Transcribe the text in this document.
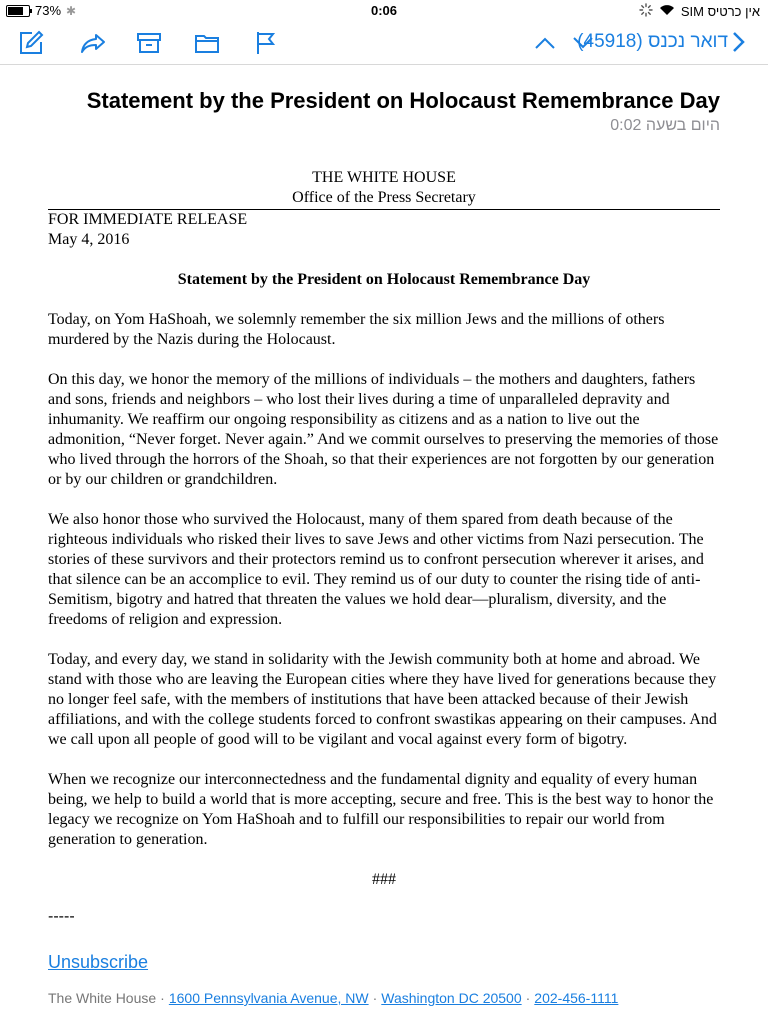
73% ✱	0:06	אין כרטיס SIM
דואר נכנס (45918)
Statement by the President on Holocaust Remembrance Day
היום בשעה 0:02
THE WHITE HOUSE
Office of the Press Secretary
FOR IMMEDIATE RELEASE
May 4, 2016
Statement by the President on Holocaust Remembrance Day

Today, on Yom HaShoah, we solemnly remember the six million Jews and the millions of others murdered by the Nazis during the Holocaust.

On this day, we honor the memory of the millions of individuals – the mothers and daughters, fathers and sons, friends and neighbors – who lost their lives during a time of unparalleled depravity and inhumanity. We reaffirm our ongoing responsibility as citizens and as a nation to live out the admonition, “Never forget. Never again.” And we commit ourselves to preserving the memories of those who lived through the horrors of the Shoah, so that their experiences are not forgotten by our generation or by our children or grandchildren.

We also honor those who survived the Holocaust, many of them spared from death because of the righteous individuals who risked their lives to save Jews and other victims from Nazi persecution. The stories of these survivors and their protectors remind us to confront persecution wherever it arises, and that silence can be an accomplice to evil. They remind us of our duty to counter the rising tide of anti-Semitism, bigotry and hatred that threaten the values we hold dear—pluralism, diversity, and the freedoms of religion and expression.

Today, and every day, we stand in solidarity with the Jewish community both at home and abroad. We stand with those who are leaving the European cities where they have lived for generations because they no longer feel safe, with the members of institutions that have been attacked because of their Jewish affiliations, and with the college students forced to confront swastikas appearing on their campuses. And we call upon all people of good will to be vigilant and vocal against every form of bigotry.

When we recognize our interconnectedness and the fundamental dignity and equality of every human being, we help to build a world that is more accepting, secure and free. This is the best way to honor the legacy we recognize on Yom HaShoah and to fulfill our responsibilities to repair our world from generation to generation.

###
-----
Unsubscribe
The White House · 1600 Pennsylvania Avenue, NW · Washington DC 20500 · 202-456-1111
